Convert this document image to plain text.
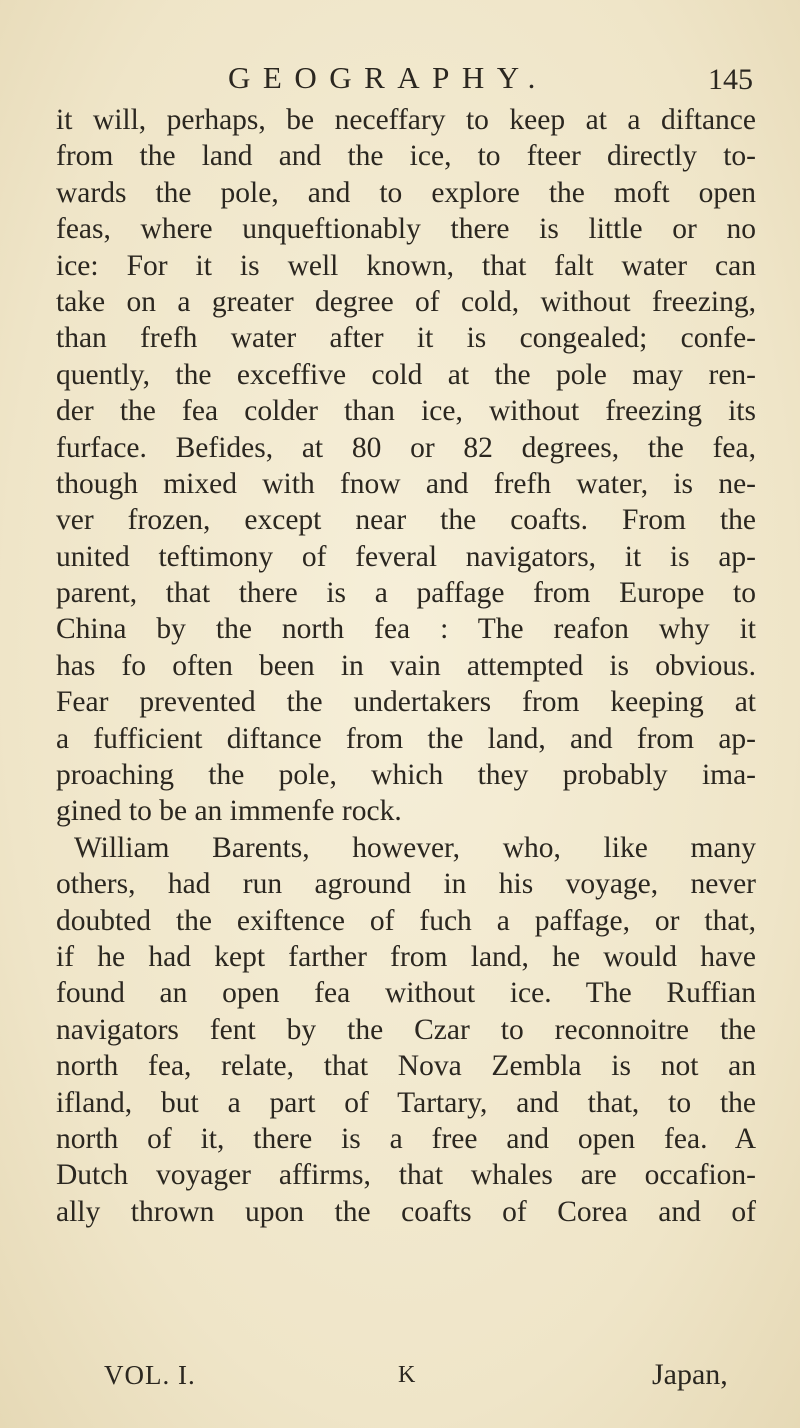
GEOGRAPHY.	145
it will, perhaps, be neceffary to keep at a diftance
from the land and the ice, to fteer directly to-
wards the pole, and to explore the moft open
feas, where unqueftionably there is little or no
ice: For it is well known, that falt water can
take on a greater degree of cold, without freezing,
than frefh water after it is congealed; confe-
quently, the exceffive cold at the pole may ren-
der the fea colder than ice, without freezing its
furface. Befides, at 80 or 82 degrees, the fea,
though mixed with fnow and frefh water, is ne-
ver frozen, except near the coafts. From the
united teftimony of feveral navigators, it is ap-
parent, that there is a paffage from Europe to
China by the north fea : The reafon why it
has fo often been in vain attempted is obvious.
Fear prevented the undertakers from keeping at
a fufficient diftance from the land, and from ap-
proaching the pole, which they probably ima-
gined to be an immenfe rock.
William Barents, however, who, like many
others, had run aground in his voyage, never
doubted the exiftence of fuch a paffage, or that,
if he had kept farther from land, he would have
found an open fea without ice. The Ruffian
navigators fent by the Czar to reconnoitre the
north fea, relate, that Nova Zembla is not an
ifland, but a part of Tartary, and that, to the
north of it, there is a free and open fea. A
Dutch voyager affirms, that whales are occafion-
ally thrown upon the coafts of Corea and of
VOL. I.	K	Japan,
